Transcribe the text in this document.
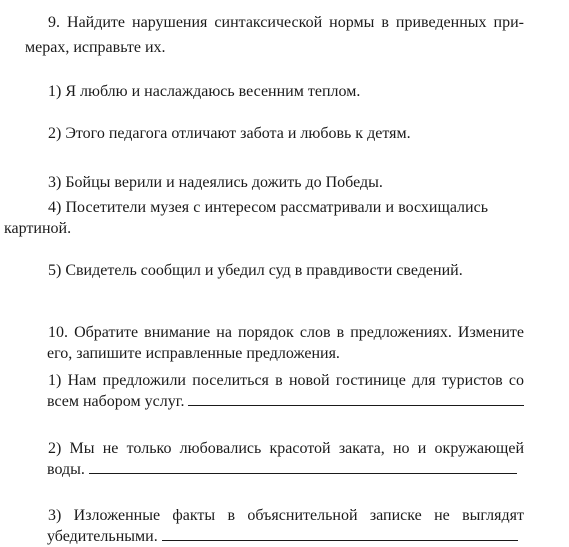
9. Найдите нарушения синтаксической нормы в приведенных при-
мерах, исправьте их.
1) Я люблю и наслаждаюсь весенним теплом.
2) Этого педагога отличают забота и любовь к детям.
3) Бойцы верили и надеялись дожить до Победы.
4) Посетители музея с интересом рассматривали и восхищались
картиной.
5) Свидетель сообщил и убедил суд в правдивости сведений.
10. Обратите внимание на порядок слов в предложениях. Измените
его, запишите исправленные предложения.
1) Нам предложили поселиться в новой гостинице для туристов со
всем набором услуг.
2) Мы не только любовались красотой заката, но и окружающей
воды.
3) Изложенные факты в объяснительной записке не выглядят
убедительными.
